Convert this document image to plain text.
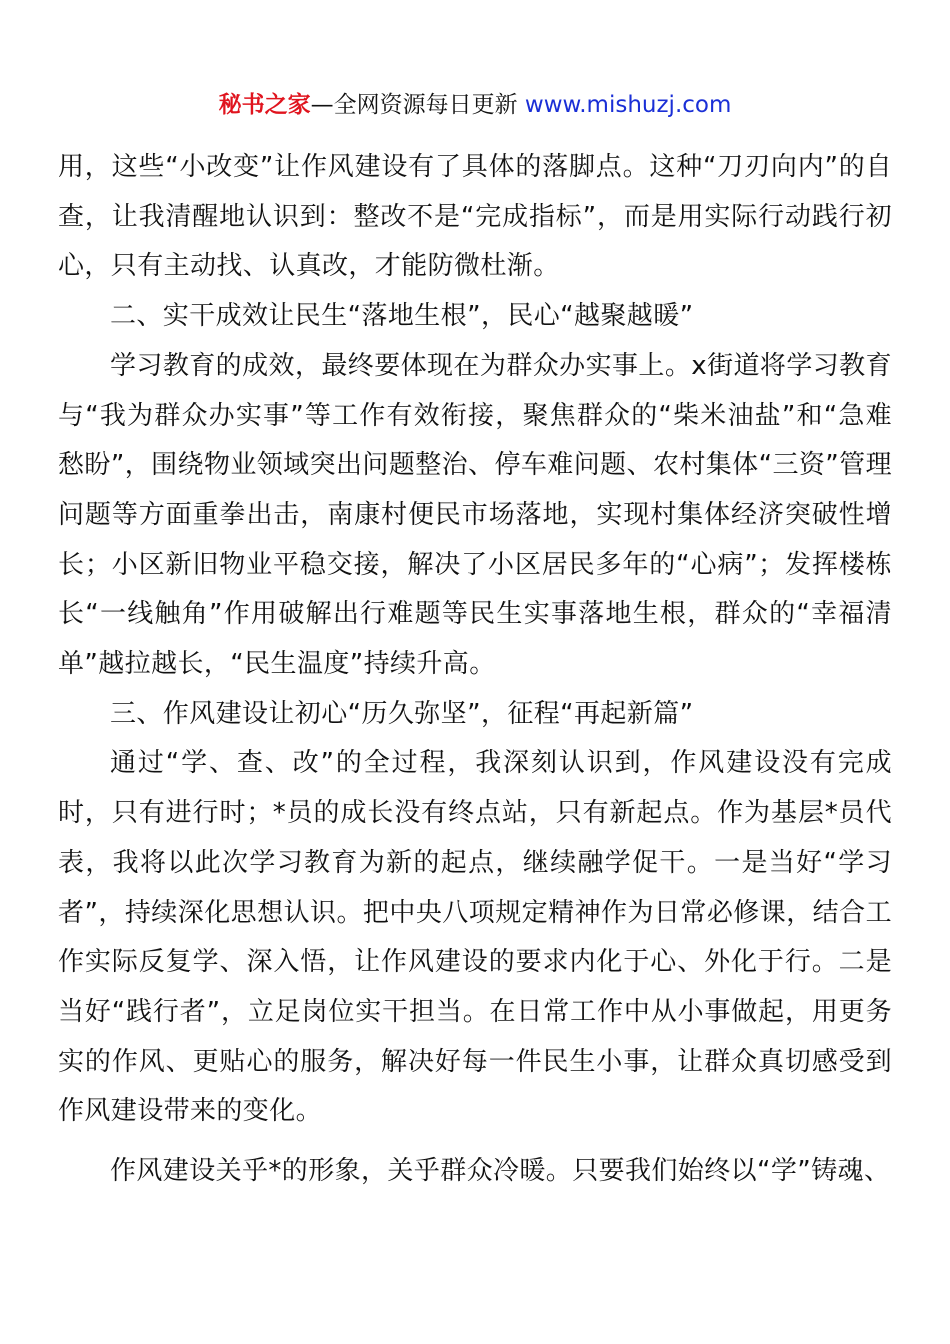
秘书之家—全网资源每日更新 www.mishuzj.com

用，这些“小改变”让作风建设有了具体的落脚点。这种“刀刃向内”的自查，让我清醒地认识到：整改不是“完成指标”，而是用实际行动践行初心，只有主动找、认真改，才能防微杜渐。

二、实干成效让民生“落地生根”，民心“越聚越暖”

学习教育的成效，最终要体现在为群众办实事上。x街道将学习教育与“我为群众办实事”等工作有效衔接，聚焦群众的“柴米油盐”和“急难愁盼”，围绕物业领域突出问题整治、停车难问题、农村集体“三资”管理问题等方面重拳出击，南康村便民市场落地，实现村集体经济突破性增长；小区新旧物业平稳交接，解决了小区居民多年的“心病”；发挥楼栋长“一线触角”作用破解出行难题等民生实事落地生根，群众的“幸福清单”越拉越长，“民生温度”持续升高。

三、作风建设让初心“历久弥坚”，征程“再起新篇”

通过“学、查、改”的全过程，我深刻认识到，作风建设没有完成时，只有进行时；*员的成长没有终点站，只有新起点。作为基层*员代表，我将以此次学习教育为新的起点，继续融学促干。一是当好“学习者”，持续深化思想认识。把中央八项规定精神作为日常必修课，结合工作实际反复学、深入悟，让作风建设的要求内化于心、外化于行。二是当好“践行者”，立足岗位实干担当。在日常工作中从小事做起，用更务实的作风、更贴心的服务，解决好每一件民生小事，让群众真切感受到作风建设带来的变化。

作风建设关乎*的形象，关乎群众冷暖。只要我们始终以“学”铸魂、
